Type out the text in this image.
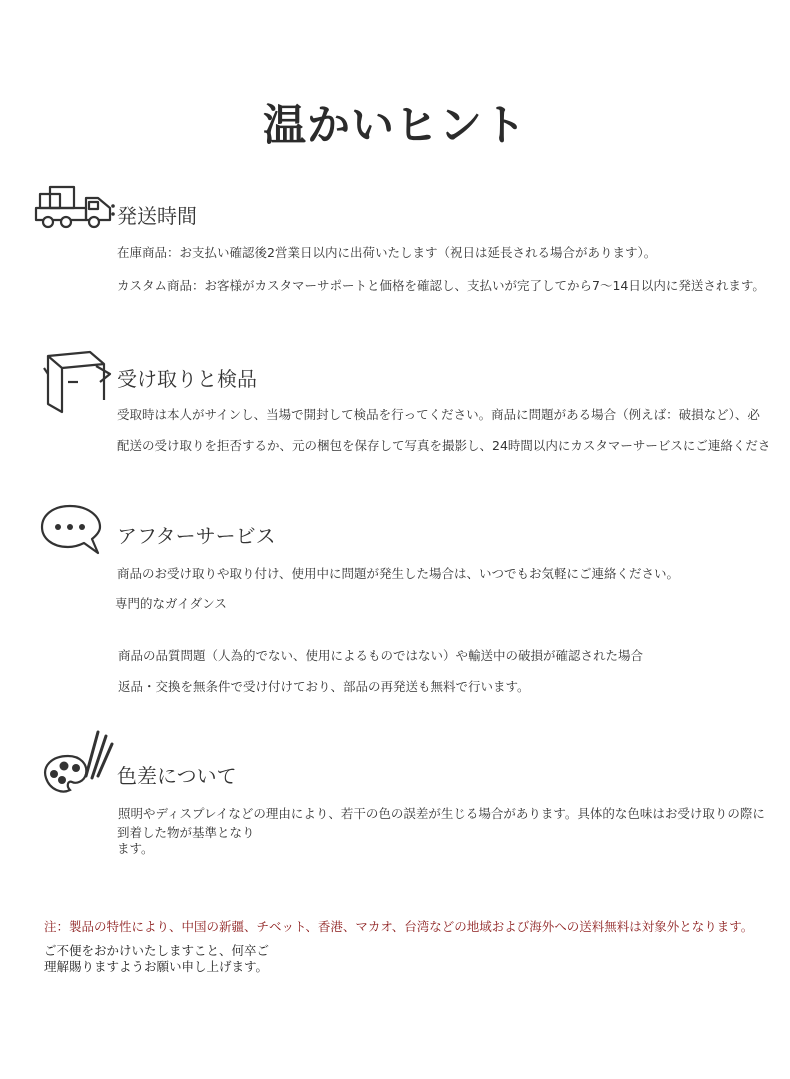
温かいヒント
発送時間
在庫商品：お支払い確認後2営業日以内に出荷いたします（祝日は延長される場合があります）。
カスタム商品：お客様がカスタマーサポートと価格を確認し、支払いが完了してから7〜14日以内に発送されます。
受け取りと検品
受取時は本人がサインし、当場で開封して検品を行ってください。商品に問題がある場合（例えば：破損など）、必
配送の受け取りを拒否するか、元の梱包を保存して写真を撮影し、24時間以内にカスタマーサービスにご連絡くださ
アフターサービス
商品のお受け取りや取り付け、使用中に問題が発生した場合は、いつでもお気軽にご連絡ください。
専門的なガイダンス
商品の品質問題（人為的でない、使用によるものではない）や輸送中の破損が確認された場合
返品・交換を無条件で受け付けており、部品の再発送も無料で行います。
色差について
照明やディスプレイなどの理由により、若干の色の誤差が生じる場合があります。具体的な色味はお受け取りの際に
到着した物が基準となります。
注：製品の特性により、中国の新疆、チベット、香港、マカオ、台湾などの地域および海外への送料無料は対象外となります。
ご不便をおかけいたしますこと、何卒ご理解賜りますようお願い申し上げます。
